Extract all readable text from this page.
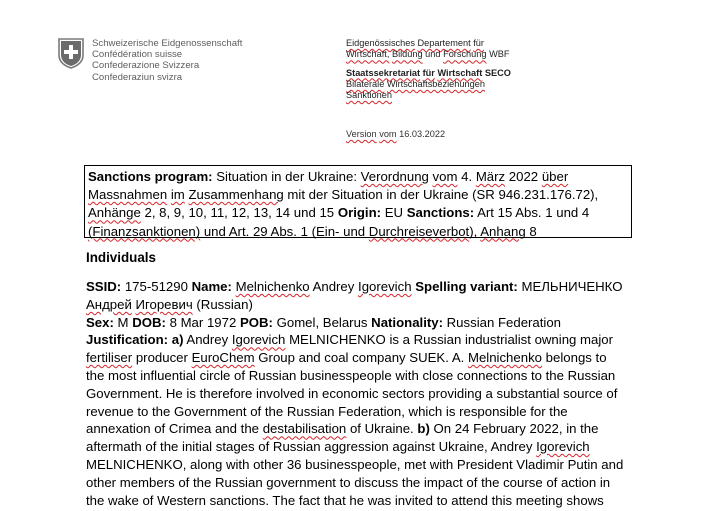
Schweizerische Eidgenossenschaft
Confédération suisse
Confederazione Svizzera
Confederaziun svizra
Eidgenössisches Departement für
Wirtschaft, Bildung und Forschung WBF
Staatssekretariat für Wirtschaft SECO
Bilaterale Wirtschaftsbeziehungen
Sanktionen
Version vom 16.03.2022

Sanctions program: Situation in der Ukraine: Verordnung vom 4. März 2022 über

Massnahmen im Zusammenhang mit der Situation in der Ukraine (SR 946.231.176.72),

Anhänge 2, 8, 9, 10, 11, 12, 13, 14 und 15 Origin: EU Sanctions: Art 15 Abs. 1 und 4

(Finanzsanktionen) und Art. 29 Abs. 1 (Ein- und Durchreiseverbot), Anhang 8

Individuals

SSID: 175-51290 Name: Melnichenko Andrey Igorevich Spelling variant: МЕЛЬНИЧЕНКО

Андрей Игоревич (Russian)

Sex: M DOB: 8 Mar 1972 POB: Gomel, Belarus Nationality: Russian Federation

Justification: a) Andrey Igorevich MELNICHENKO is a Russian industrialist owning major

fertiliser producer EuroChem Group and coal company SUEK. A. Melnichenko belongs to

the most influential circle of Russian businesspeople with close connections to the Russian

Government. He is therefore involved in economic sectors providing a substantial source of

revenue to the Government of the Russian Federation, which is responsible for the

annexation of Crimea and the destabilisation of Ukraine. b) On 24 February 2022, in the

aftermath of the initial stages of Russian aggression against Ukraine, Andrey Igorevich

MELNICHENKO, along with other 36 businesspeople, met with President Vladimir Putin and

other members of the Russian government to discuss the impact of the course of action in

the wake of Western sanctions. The fact that he was invited to attend this meeting shows
